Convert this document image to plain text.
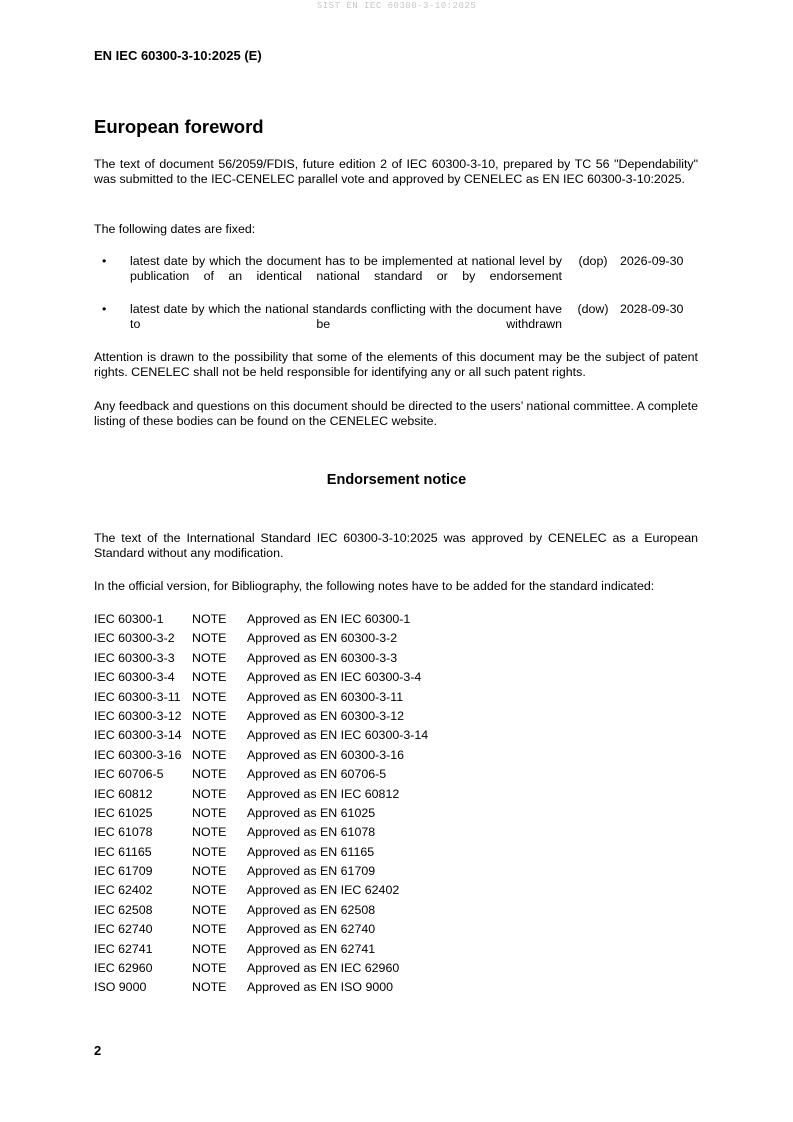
SIST EN IEC 60300-3-10:2025
EN IEC 60300-3-10:2025 (E)
European foreword
The text of document 56/2059/FDIS, future edition 2 of IEC 60300-3-10, prepared by TC 56 "Dependability" was submitted to the IEC-CENELEC parallel vote and approved by CENELEC as EN IEC 60300-3-10:2025.
The following dates are fixed:
• latest date by which the document has to be implemented at national level by publication of an identical national standard or by endorsement
(dop)	2026-09-30
• latest date by which the national standards conflicting with the document have to be withdrawn
(dow) 2028-09-30
Attention is drawn to the possibility that some of the elements of this document may be the subject of patent rights. CENELEC shall not be held responsible for identifying any or all such patent rights.
Any feedback and questions on this document should be directed to the users’ national committee. A complete listing of these bodies can be found on the CENELEC website.
Endorsement notice
The text of the International Standard IEC 60300-3-10:2025 was approved by CENELEC as a European Standard without any modification.
In the official version, for Bibliography, the following notes have to be added for the standard indicated:
IEC 60300-1 NOTE Approved as EN IEC 60300-1
IEC 60300-3-2 NOTE Approved as EN 60300-3-2
IEC 60300-3-3 NOTE Approved as EN 60300-3-3
IEC 60300-3-4 NOTE Approved as EN IEC 60300-3-4
IEC 60300-3-11 NOTE Approved as EN 60300-3-11
IEC 60300-3-12 NOTE Approved as EN 60300-3-12
IEC 60300-3-14 NOTE Approved as EN IEC 60300-3-14
IEC 60300-3-16 NOTE Approved as EN 60300-3-16
IEC 60706-5 NOTE Approved as EN 60706-5
IEC 60812	NOTE Approved as EN IEC 60812
IEC 61025	NOTE Approved as EN 61025
IEC 61078	NOTE Approved as EN 61078
IEC 61165	NOTE Approved as EN 61165
IEC 61709	NOTE Approved as EN 61709
IEC 62402	NOTE Approved as EN IEC 62402
IEC 62508	NOTE Approved as EN 62508
IEC 62740	NOTE Approved as EN 62740
IEC 62741	NOTE Approved as EN 62741
IEC 62960	NOTE Approved as EN IEC 62960
ISO 9000	NOTE Approved as EN ISO 9000
2
